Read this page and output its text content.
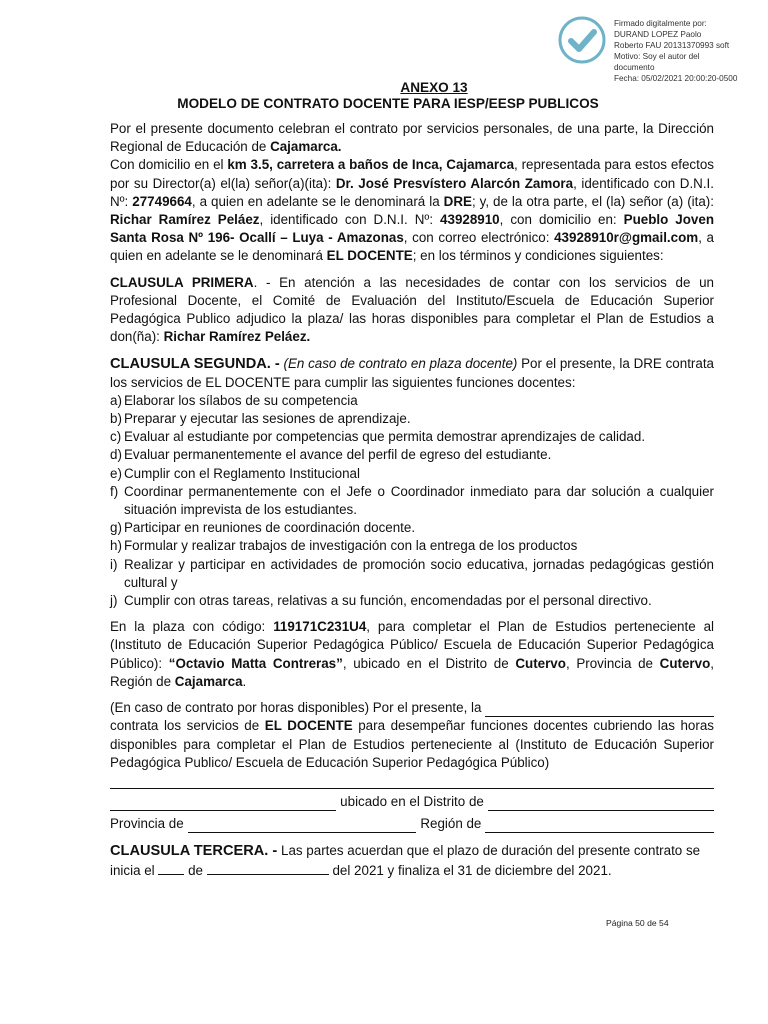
Firmado digitalmente por:
DURAND LOPEZ Paolo
Roberto FAU 20131370993 soft
Motivo: Soy el autor del
documento
Fecha: 05/02/2021 20:00:20-0500
ANEXO 13
MODELO DE CONTRATO DOCENTE PARA IESP/EESP PUBLICOS

Por el presente documento celebran el contrato por servicios personales, de una parte, la Dirección Regional de Educación de Cajamarca.

Con domicilio en el km 3.5, carretera a baños de Inca, Cajamarca, representada para estos efectos por su Director(a) el(la) señor(a)(ita): Dr. José Presvístero Alarcón Zamora, identificado con D.N.I. Nº: 27749664, a quien en adelante se le denominará la DRE; y, de la otra parte, el (la) señor (a) (ita): Richar Ramírez Peláez, identificado con D.N.I. Nº: 43928910, con domicilio en: Pueblo Joven Santa Rosa Nº 196- Ocallí – Luya - Amazonas, con correo electrónico: 43928910r@gmail.com, a quien en adelante se le denominará EL DOCENTE; en los términos y condiciones siguientes:

CLAUSULA PRIMERA. - En atención a las necesidades de contar con los servicios de un Profesional Docente, el Comité de Evaluación del Instituto/Escuela de Educación Superior Pedagógica Publico adjudico la plaza/ las horas disponibles para completar el Plan de Estudios a don(ña): Richar Ramírez Peláez.

CLAUSULA SEGUNDA. - (En caso de contrato en plaza docente) Por el presente, la DRE contrata los servicios de EL DOCENTE para cumplir las siguientes funciones docentes:

a) Elaborar los sílabos de su competencia
b) Preparar y ejecutar las sesiones de aprendizaje.
c) Evaluar al estudiante por competencias que permita demostrar aprendizajes de calidad.
d) Evaluar permanentemente el avance del perfil de egreso del estudiante.
e) Cumplir con el Reglamento Institucional
f) Coordinar permanentemente con el Jefe o Coordinador inmediato para dar solución a cualquier situación imprevista de los estudiantes.
g) Participar en reuniones de coordinación docente.
h) Formular y realizar trabajos de investigación con la entrega de los productos
i) Realizar y participar en actividades de promoción socio educativa, jornadas pedagógicas gestión cultural y
j) Cumplir con otras tareas, relativas a su función, encomendadas por el personal directivo.

En la plaza con código: 119171C231U4, para completar el Plan de Estudios perteneciente al (Instituto de Educación Superior Pedagógica Público/ Escuela de Educación Superior Pedagógica Público): “Octavio Matta Contreras”, ubicado en el Distrito de Cutervo, Provincia de Cutervo, Región de Cajamarca.

(En caso de contrato por horas disponibles) Por el presente, la

contrata los servicios de EL DOCENTE para desempeñar funciones docentes cubriendo las horas disponibles para completar el Plan de Estudios perteneciente al (Instituto de Educación Superior Pedagógica Publico/ Escuela de Educación Superior Pedagógica Público)

ubicado en el Distrito de
Provincia de	Región de

CLAUSULA TERCERA. - Las partes acuerdan que el plazo de duración del presente contrato se inicia el  de	del 2021 y finaliza el 31 de diciembre del 2021.

Página 50 de 54
